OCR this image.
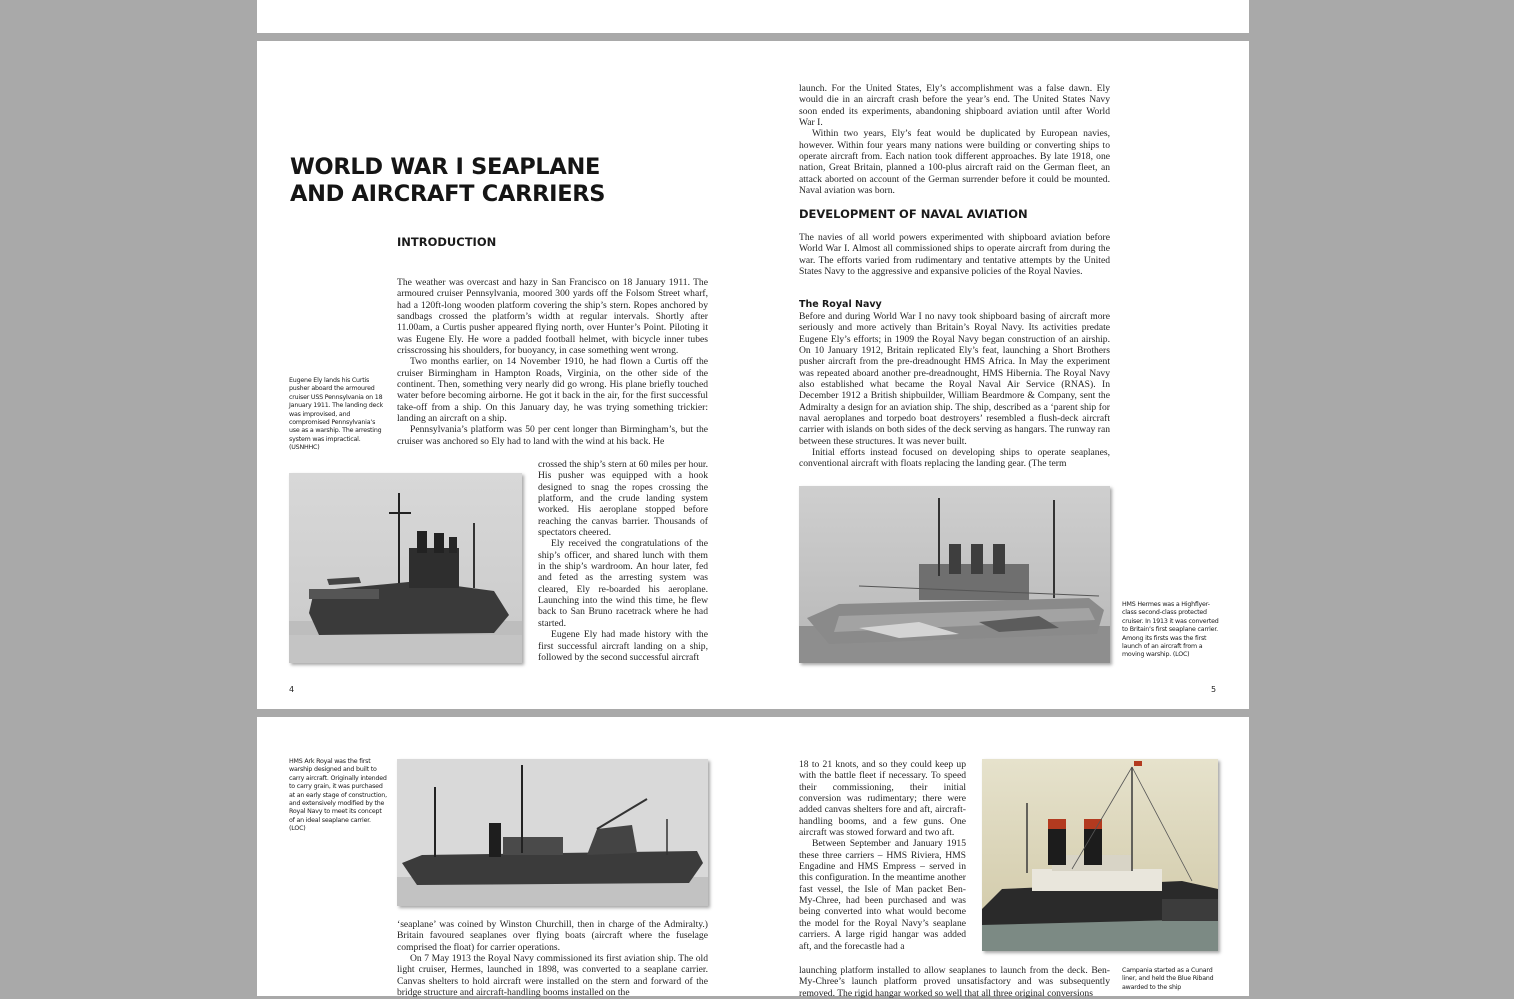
WORLD WAR I SEAPLANE
AND AIRCRAFT CARRIERS
INTRODUCTION

The weather was overcast and hazy in San Francisco on 18 January 1911. The armoured cruiser Pennsylvania, moored 300 yards off the Folsom Street wharf, had a 120ft-long wooden platform covering the ship’s stern. Ropes anchored by sandbags crossed the platform’s width at regular intervals. Shortly after 11.00am, a Curtis pusher appeared flying north, over Hunter’s Point. Piloting it was Eugene Ely. He wore a padded football helmet, with bicycle inner tubes crisscrossing his shoulders, for buoyancy, in case something went wrong.

Two months earlier, on 14 November 1910, he had flown a Curtis off the cruiser Birmingham in Hampton Roads, Virginia, on the other side of the continent. Then, something very nearly did go wrong. His plane briefly touched water before becoming airborne. He got it back in the air, for the first successful take-off from a ship. On this January day, he was trying something trickier: landing an aircraft on a ship.

Pennsylvania’s platform was 50 per cent longer than Birmingham’s, but the cruiser was anchored so Ely had to land with the wind at his back. He

crossed the ship’s stern at 60 miles per hour. His pusher was equipped with a hook designed to snag the ropes crossing the platform, and the crude landing system worked. His aeroplane stopped before reaching the canvas barrier. Thousands of spectators cheered.

Ely received the congratulations of the ship’s officer, and shared lunch with them in the ship’s wardroom. An hour later, fed and feted as the arresting system was cleared, Ely re-boarded his aeroplane. Launching into the wind this time, he flew back to San Bruno racetrack where he had started.

Eugene Ely had made history with the first successful aircraft landing on a ship, followed by the second successful aircraft

Eugene Ely lands his Curtis pusher aboard the armoured cruiser USS Pennsylvania on 18 January 1911. The landing deck was improvised, and compromised Pennsylvania’s use as a warship. The arresting system was impractical. (USNHHC)

4

launch. For the United States, Ely’s accomplishment was a false dawn. Ely would die in an aircraft crash before the year’s end. The United States Navy soon ended its experiments, abandoning shipboard aviation until after World War I.

Within two years, Ely’s feat would be duplicated by European navies, however. Within four years many nations were building or converting ships to operate aircraft from. Each nation took different approaches. By late 1918, one nation, Great Britain, planned a 100-plus aircraft raid on the German fleet, an attack aborted on account of the German surrender before it could be mounted. Naval aviation was born.

DEVELOPMENT OF NAVAL AVIATION

The navies of all world powers experimented with shipboard aviation before World War I. Almost all commissioned ships to operate aircraft from during the war. The efforts varied from rudimentary and tentative attempts by the United States Navy to the aggressive and expansive policies of the Royal Navies.

The Royal Navy

Before and during World War I no navy took shipboard basing of aircraft more seriously and more actively than Britain’s Royal Navy. Its activities predate Eugene Ely’s efforts; in 1909 the Royal Navy began construction of an airship. On 10 January 1912, Britain replicated Ely’s feat, launching a Short Brothers pusher aircraft from the pre-dreadnought HMS Africa. In May the experiment was repeated aboard another pre-dreadnought, HMS Hibernia. The Royal Navy also established what became the Royal Naval Air Service (RNAS). In December 1912 a British shipbuilder, William Beardmore & Company, sent the Admiralty a design for an aviation ship. The ship, described as a ‘parent ship for naval aeroplanes and torpedo boat destroyers’ resembled a flush-deck aircraft carrier with islands on both sides of the deck serving as hangars. The runway ran between these structures. It was never built.

Initial efforts instead focused on developing ships to operate seaplanes, conventional aircraft with floats replacing the landing gear. (The term

HMS Hermes was a Highflyer-class second-class protected cruiser. In 1913 it was converted to Britain’s first seaplane carrier. Among its firsts was the first launch of an aircraft from a moving warship. (LOC)

5

HMS Ark Royal was the first warship designed and built to carry aircraft. Originally intended to carry grain, it was purchased at an early stage of construction, and extensively modified by the Royal Navy to meet its concept of an ideal seaplane carrier. (LOC)

‘seaplane’ was coined by Winston Churchill, then in charge of the Admiralty.) Britain favoured seaplanes over flying boats (aircraft where the fuselage comprised the float) for carrier operations.

On 7 May 1913 the Royal Navy commissioned its first aviation ship. The old light cruiser, Hermes, launched in 1898, was converted to a seaplane carrier. Canvas shelters to hold aircraft were installed on the stern and forward of the bridge structure and aircraft-handling booms installed on the

18 to 21 knots, and so they could keep up with the battle fleet if necessary. To speed their commissioning, their initial conversion was rudimentary; there were added canvas shelters fore and aft, aircraft-handling booms, and a few guns. One aircraft was stowed forward and two aft.

Between September and January 1915 these three carriers – HMS Riviera, HMS Engadine and HMS Empress – served in this configuration. In the meantime another fast vessel, the Isle of Man packet Ben-My-Chree, had been purchased and was being converted into what would become the model for the Royal Navy’s seaplane carriers. A large rigid hangar was added aft, and the forecastle had a

launching platform installed to allow seaplanes to launch from the deck. Ben-My-Chree’s launch platform proved unsatisfactory and was subsequently removed. The rigid hangar worked so well that all three original conversions

Campania started as a Cunard liner, and held the Blue Riband awarded to the ship
